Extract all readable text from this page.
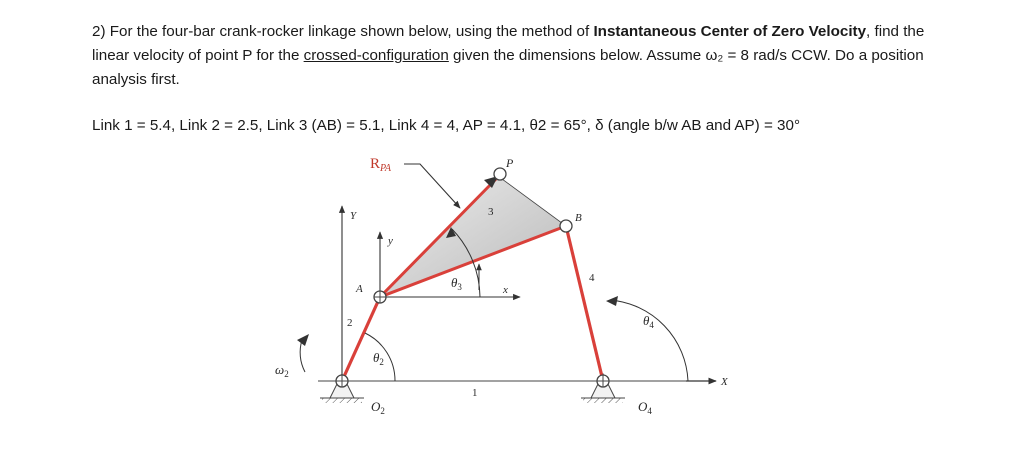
2) For the four-bar crank-rocker linkage shown below, using the method of Instantaneous Center of Zero Velocity, find the linear velocity of point P for the crossed-configuration given the dimensions below. Assume ω₂ = 8 rad/s CCW. Do a position analysis first.

Link 1 = 5.4, Link 2 = 2.5, Link 3 (AB) = 5.1, Link 4 = 4, AP = 4.1, θ2 = 65°, δ (angle b/w AB and AP) = 30°

$R_{PA}$	P
B
A
Y
y
x
X
1
2
3
4
$\theta_2$
$\theta_3$
$\theta_4$
$\omega_2$
$O_2$	$O_4$
